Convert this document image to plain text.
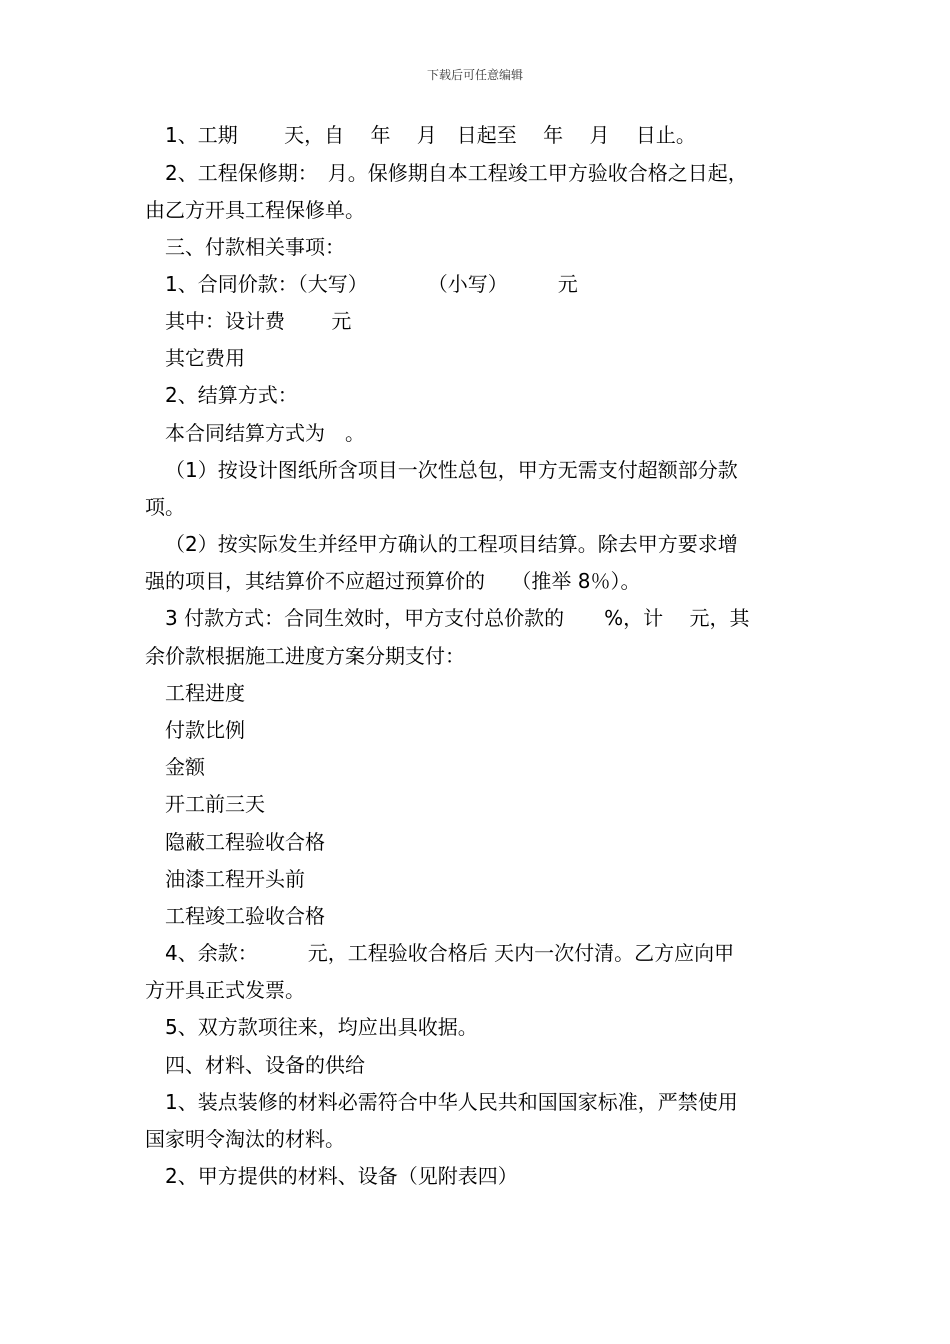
下载后可任意编辑
1、工期　　 天，自　 年　 月　日起至　 年　 月　 日止。
2、工程保修期：　月。保修期自本工程竣工甲方验收合格之日起，
由乙方开具工程保修单。
三、付款相关事项：
1、合同价款：（大写）　　　　（小写）　　　元
其中：设计费　　 元
其它费用
2、结算方式：
本合同结算方式为　。
（1）按设计图纸所含项目一次性总包，甲方无需支付超额部分款
项。
（2）按实际发生并经甲方确认的工程项目结算。除去甲方要求增
强的项目，其结算价不应超过预算价的　 （推举 8％）。
3 付款方式：合同生效时，甲方支付总价款的　　%，计　 元，其
余价款根据施工进度方案分期支付：
工程进度
付款比例
金额
开工前三天
隐蔽工程验收合格
油漆工程开头前
工程竣工验收合格
4、余款：　　　元，工程验收合格后 天内一次付清。乙方应向甲
方开具正式发票。
5、双方款项往来，均应出具收据。
四、材料、设备的供给
1、装点装修的材料必需符合中华人民共和国国家标准，严禁使用
国家明令淘汰的材料。
2、甲方提供的材料、设备（见附表四）
